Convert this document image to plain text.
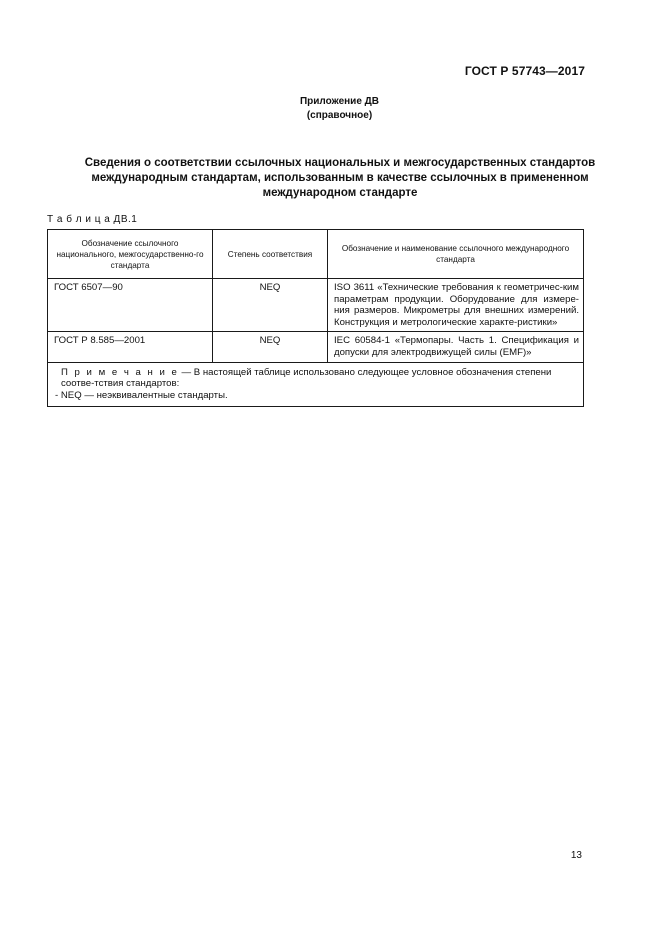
ГОСТ Р 57743—2017
Приложение ДВ
(справочное)
Сведения о соответствии ссылочных национальных и межгосударственных стандартов
международным стандартам, использованным в качестве ссылочных в примененном
международном стандарте
Т а б л и ц а ДВ.1
Обозначение ссылочного национального, межгосударственно-го стандарта	Степень соответствия	Обозначение и наименование ссылочного международного стандарта
ГОСТ 6507—90	NEQ	ISO 3611 «Технические требования к геометричес-ким параметрам продукции. Оборудование для измере-ния размеров. Микрометры для внешних измерений. Конструкция и метрологические характе-ристики»
ГОСТ Р 8.585—2001	NEQ	IEC 60584-1 «Термопары. Часть 1. Спецификация и допуски для электродвижущей силы (EMF)»

П р и м е ч а н и е — В настоящей таблице использовано следующее условное обозначения степени соотве-тствия стандартов:
- NEQ — неэквивалентные стандарты.		
13
